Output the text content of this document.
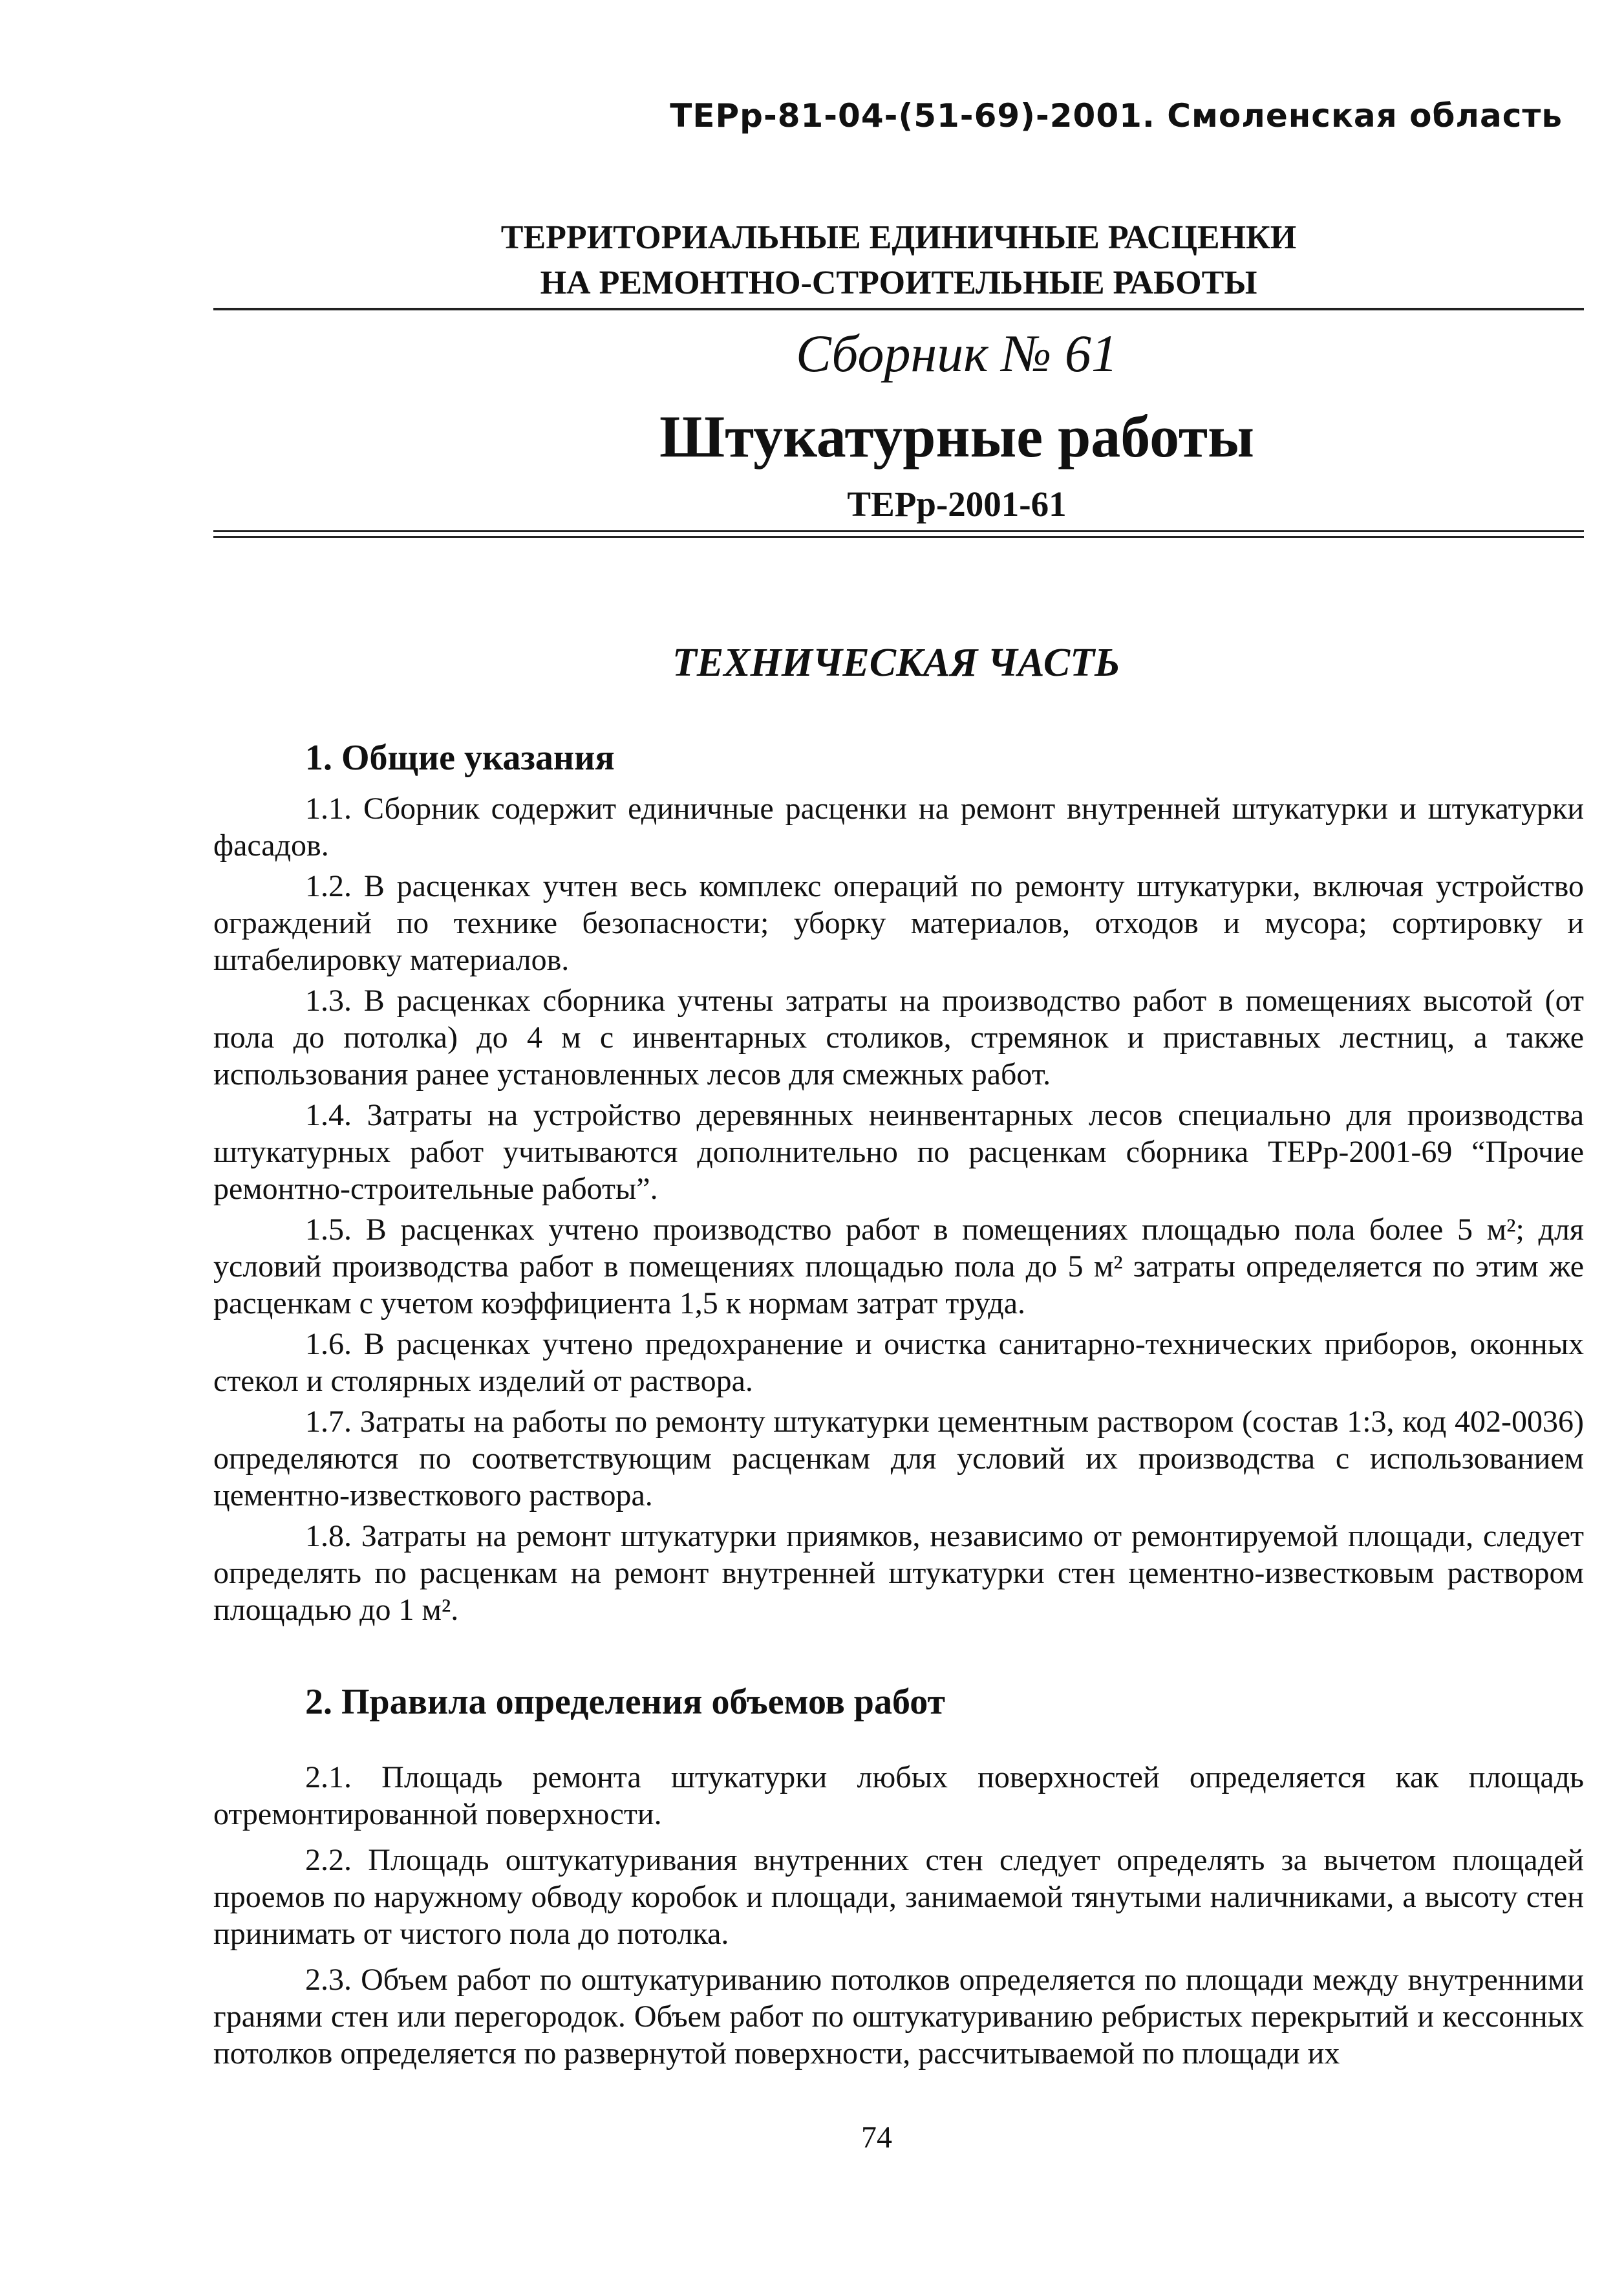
ТЕРр-81-04-(51-69)-2001. Смоленская область
ТЕРРИТОРИАЛЬНЫЕ ЕДИНИЧНЫЕ РАСЦЕНКИ
НА РЕМОНТНО-СТРОИТЕЛЬНЫЕ РАБОТЫ
Сборник № 61
Штукатурные работы
ТЕРр-2001-61
ТЕХНИЧЕСКАЯ ЧАСТЬ
1. Общие указания

1.1. Сборник содержит единичные расценки на ремонт внутренней штукатурки и штукатурки фасадов.

1.2. В расценках учтен весь комплекс операций по ремонту штукатурки, включая устройство ограждений по технике безопасности; уборку материалов, отходов и мусора; сортировку и штабелировку материалов.

1.3. В расценках сборника учтены затраты на производство работ в помещениях высотой (от пола до потолка) до 4 м с инвентарных столиков, стремянок и приставных лестниц, а также использования ранее установленных лесов для смежных работ.

1.4. Затраты на устройство деревянных неинвентарных лесов специально для производства штукатурных работ учитываются дополнительно по расценкам сборника ТЕРр-2001-69 “Прочие ремонтно-строительные работы”.

1.5. В расценках учтено производство работ в помещениях площадью пола более 5 м²; для условий производства работ в помещениях площадью пола до 5 м² затраты определяется по этим же расценкам с учетом коэффициента 1,5 к нормам затрат труда.

1.6. В расценках учтено предохранение и очистка санитарно-технических приборов, оконных стекол и столярных изделий от раствора.

1.7. Затраты на работы по ремонту штукатурки цементным раствором (состав 1:3, код 402-0036) определяются по соответствующим расценкам для условий их производства с использованием цементно-известкового раствора.

1.8. Затраты на ремонт штукатурки приямков, независимо от ремонтируемой площади, следует определять по расценкам на ремонт внутренней штукатурки стен цементно-известковым раствором площадью до 1 м².

2. Правила определения объемов работ

2.1. Площадь ремонта штукатурки любых поверхностей определяется как площадь отремонтированной поверхности.

2.2. Площадь оштукатуривания внутренних стен следует определять за вычетом площадей проемов по наружному обводу коробок и площади, занимаемой тянутыми наличниками, а высоту стен принимать от чистого пола до потолка.

2.3. Объем работ по оштукатуриванию потолков определяется по площади между внутренними гранями стен или перегородок. Объем работ по оштукатуриванию ребристых перекрытий и кессонных потолков определяется по развернутой поверхности, рассчитываемой по площади их

74
